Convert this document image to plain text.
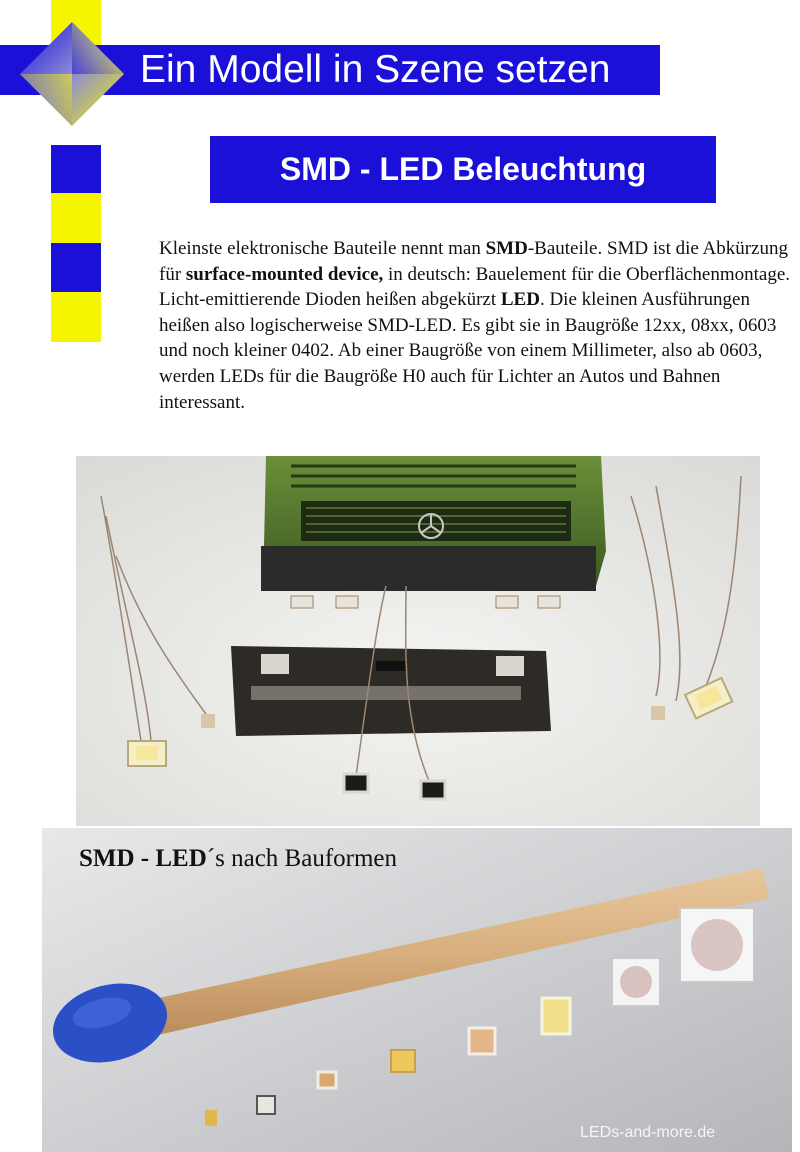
Ein Modell in Szene setzen
SMD - LED Beleuchtung

Kleinste elektronische Bauteile nennt man SMD-Bauteile. SMD ist die Abkürzung für surface-mounted device, in deutsch: Bauelement für die Oberflächenmontage.

Licht-emittierende Dioden heißen abgekürzt LED. Die kleinen Ausführungen heißen also logischerweise SMD-LED. Es gibt sie in Baugröße 12xx, 08xx, 0603 und noch kleiner 0402. Ab einer Baugröße von einem Millimeter, also ab 0603, werden LEDs für die Baugröße H0 auch für Lichter an Autos und Bahnen interessant.

SMD - LED´s nach Bauformen
LEDs-and-more.de
